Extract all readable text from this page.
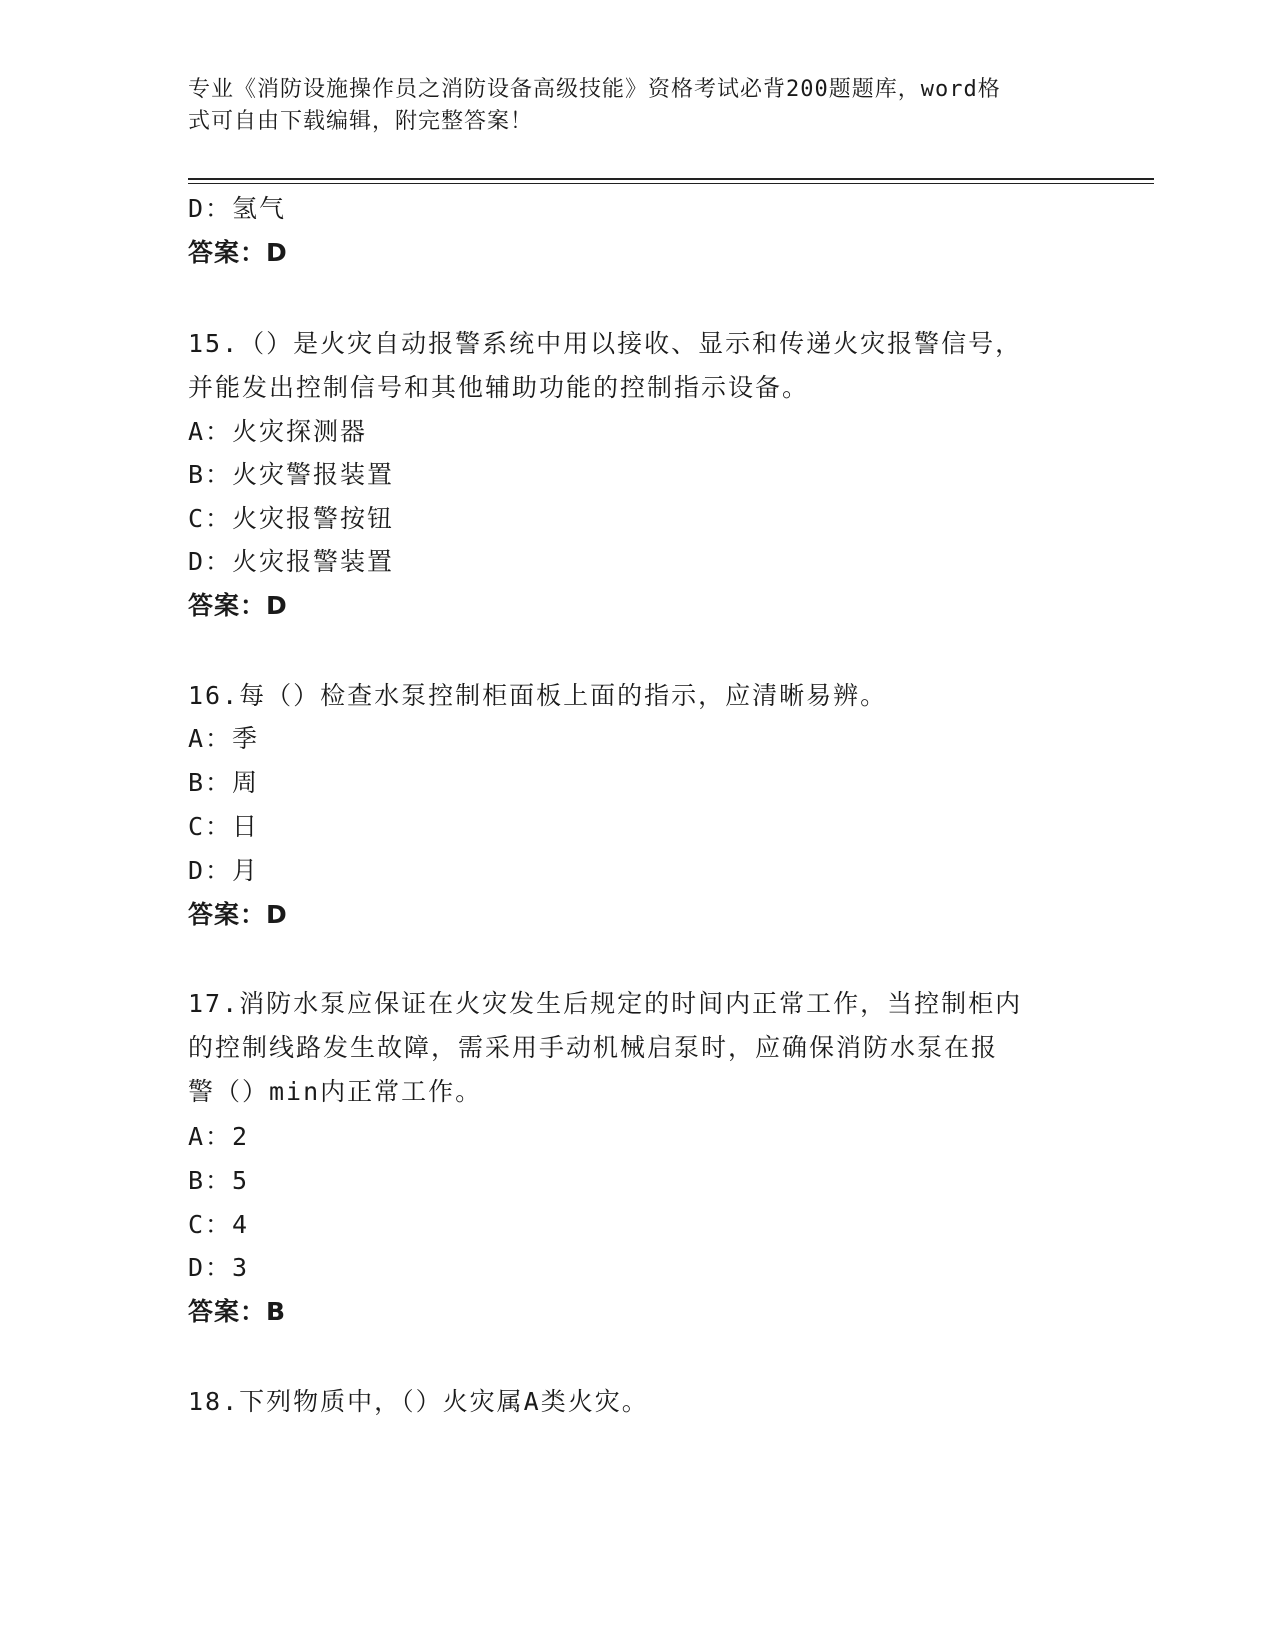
专业《消防设施操作员之消防设备高级技能》资格考试必背200题题库，word格
式可自由下载编辑，附完整答案！
D：氢气
答案：D
15.（）是火灾自动报警系统中用以接收、显示和传递火灾报警信号，
并能发出控制信号和其他辅助功能的控制指示设备。
A：火灾探测器
B：火灾警报装置
C：火灾报警按钮
D：火灾报警装置
答案：D
16.每（）检查水泵控制柜面板上面的指示，应清晰易辨。
A：季
B：周
C：日
D：月
答案：D
17.消防水泵应保证在火灾发生后规定的时间内正常工作，当控制柜内
的控制线路发生故障，需采用手动机械启泵时，应确保消防水泵在报
警（）min内正常工作。
A：2
B：5
C：4
D：3
答案：B
18.下列物质中，（）火灾属A类火灾。
